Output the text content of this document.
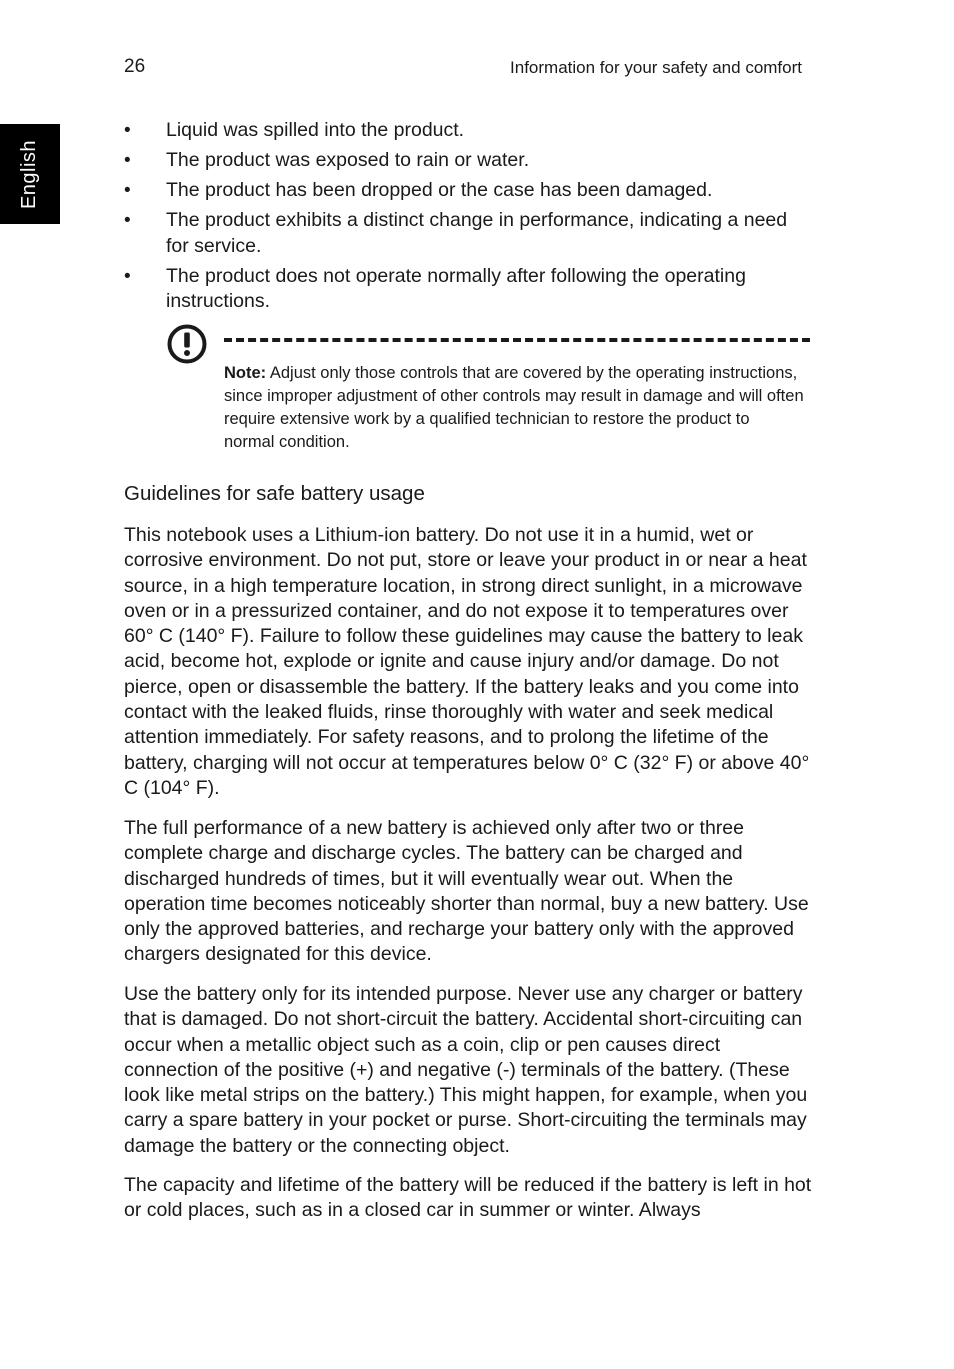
26	Information for your safety and comfort
English
• Liquid was spilled into the product.
• The product was exposed to rain or water.
• The product has been dropped or the case has been damaged.
• The product exhibits a distinct change in performance, indicating a need for service.
• The product does not operate normally after following the operating instructions.
Note: Adjust only those controls that are covered by the operating instructions, since improper adjustment of other controls may result in damage and will often require extensive work by a qualified technician to restore the product to normal condition.
Guidelines for safe battery usage

This notebook uses a Lithium-ion battery. Do not use it in a humid, wet or corrosive environment. Do not put, store or leave your product in or near a heat source, in a high temperature location, in strong direct sunlight, in a microwave oven or in a pressurized container, and do not expose it to temperatures over 60° C (140° F). Failure to follow these guidelines may cause the battery to leak acid, become hot, explode or ignite and cause injury and/or damage. Do not pierce, open or disassemble the battery. If the battery leaks and you come into contact with the leaked fluids, rinse thoroughly with water and seek medical attention immediately. For safety reasons, and to prolong the lifetime of the battery, charging will not occur at temperatures below 0° C (32° F) or above 40° C (104° F).

The full performance of a new battery is achieved only after two or three complete charge and discharge cycles. The battery can be charged and discharged hundreds of times, but it will eventually wear out. When the operation time becomes noticeably shorter than normal, buy a new battery. Use only the approved batteries, and recharge your battery only with the approved chargers designated for this device.

Use the battery only for its intended purpose. Never use any charger or battery that is damaged. Do not short-circuit the battery. Accidental short-circuiting can occur when a metallic object such as a coin, clip or pen causes direct connection of the positive (+) and negative (-) terminals of the battery. (These look like metal strips on the battery.) This might happen, for example, when you carry a spare battery in your pocket or purse. Short-circuiting the terminals may damage the battery or the connecting object.

The capacity and lifetime of the battery will be reduced if the battery is left in hot or cold places, such as in a closed car in summer or winter. Always
